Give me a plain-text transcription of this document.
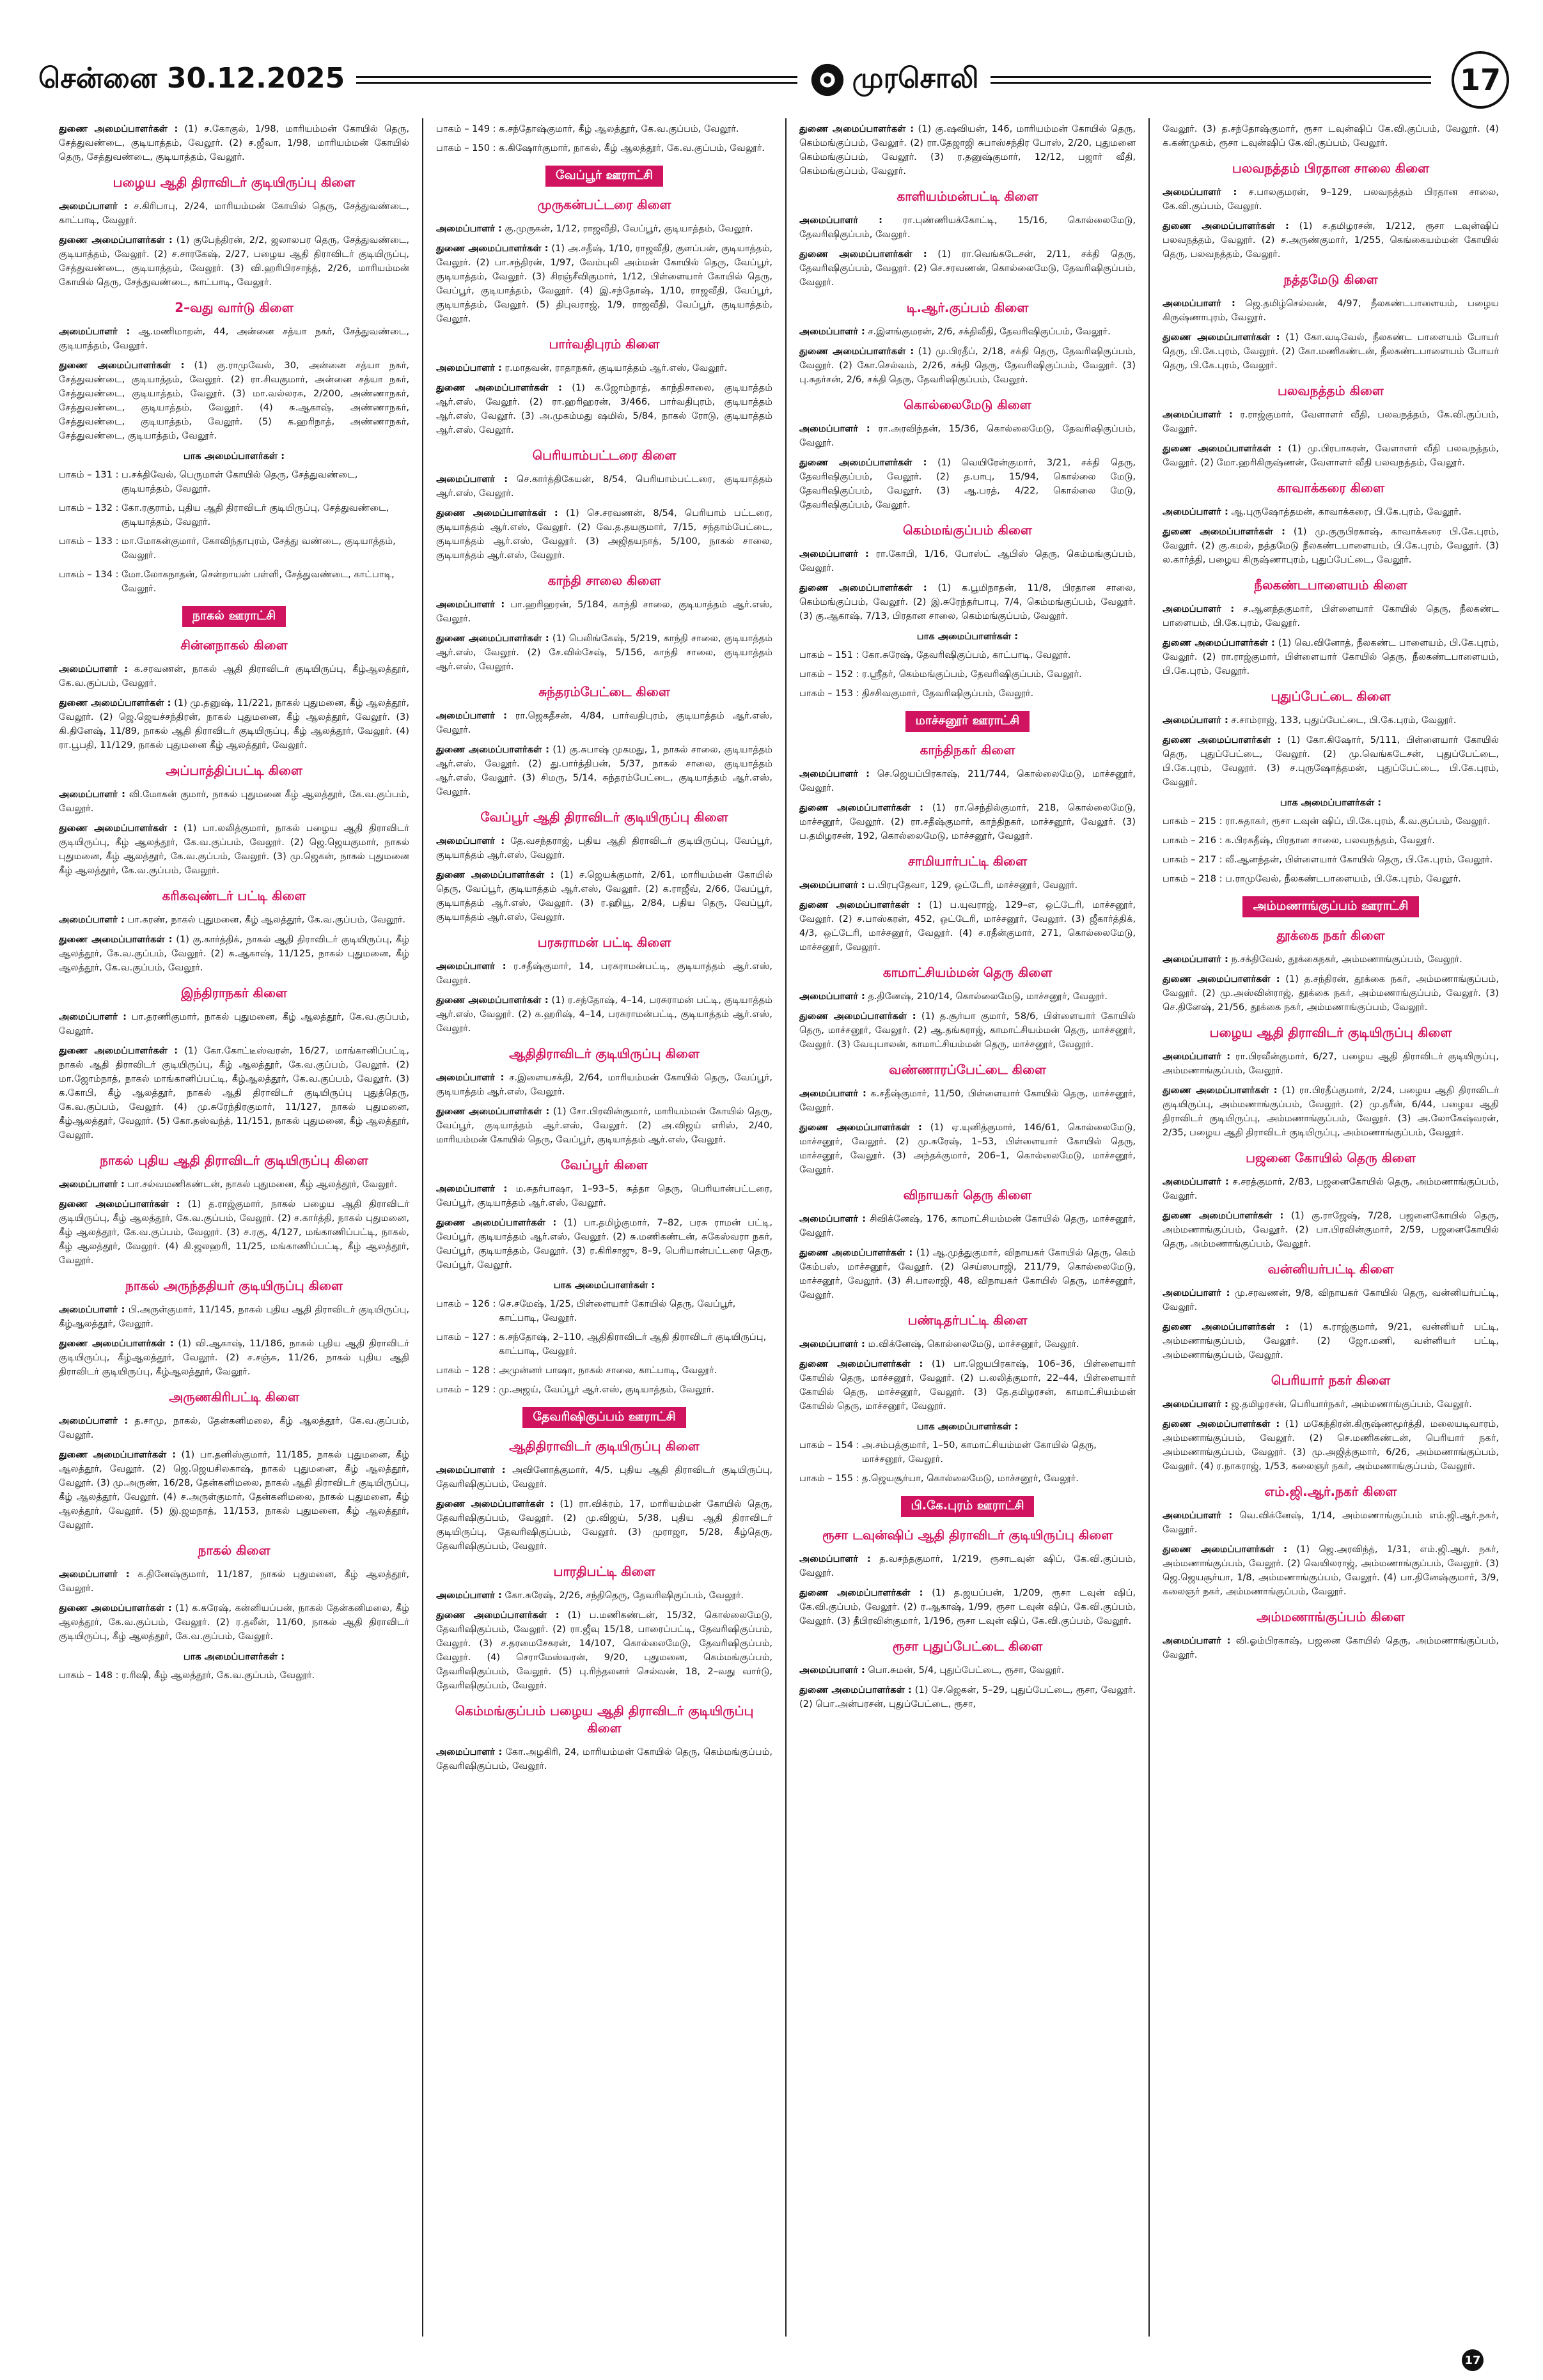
சென்னை 30.12.2025	முரசொலி	17

துணை அமைப்பாளர்கள் : (1) ச.கோகுல், 1/98, மாரியம்மன் கோயில் தெரு, சேத்துவண்டை, குடியாத்தம், வேலூர். (2) ச.ஜீவா, 1/98, மாரியம்மன் கோயில் தெரு, சேத்துவண்டை, குடியாத்தம், வேலூர்.

பழைய ஆதி திராவிடர் குடியிருப்பு கிளை

அமைப்பாளர் : ச.கிரிபாபு, 2/24, மாரியம்மன் கோயில் தெரு, சேத்துவண்டை, காட்பாடி, வேலூர்.

துணை அமைப்பாளர்கள் : (1) குபேந்திரன், 2/2, ஜலாலபர தெரு, சேத்துவண்டை, குடியாத்தம், வேலூர். (2) ச.சாரகேஷ், 2/27, பழைய ஆதி திராவிடர் குடியிருப்பு, சேத்துவண்டை, குடியாத்தம், வேலூர். (3) வி.ஹரிபிரசாந்த், 2/26, மாரியம்மன் கோயில் தெரு, சேத்துவண்டை, காட்பாடி, வேலூர்.

2–வது வார்டு கிளை

அமைப்பாளர் : ஆ.மணிமாறன், 44, அன்னை சத்யா நகர், சேத்துவண்டை, குடியாத்தம், வேலூர்.

துணை அமைப்பாளர்கள் : (1) கு.ராமுவேல், 30, அன்னை சத்யா நகர், சேத்துவண்டை, குடியாத்தம், வேலூர். (2) ரா.சிவகுமார், அன்னை சத்யா நகர், சேத்துவண்டை, குடியாத்தம், வேலூர். (3) மா.வல்லரசு, 2/200, அண்ணாநகர், சேத்துவண்டை, குடியாத்தம், வேலூர். (4) சு.ஆகாஷ், அண்ணாநகர், சேத்துவண்டை, குடியாத்தம், வேலூர். (5) க.ஹரிநாத், அண்ணாநகர், சேத்துவண்டை, குடியாத்தம், வேலூர்.

பாக அமைப்பாளர்கள் :
பாகம் – 131 : ப.சக்திவேல், பெருமாள் கோயில் தெரு, சேத்துவண்டை, குடியாத்தம், வேலூர்.
பாகம் – 132 : கோ.ரகுராம், புதிய ஆதி திராவிடர் குடியிருப்பு, சேத்துவண்டை, குடியாத்தம், வேலூர்.
பாகம் – 133 : மா.மோகன்குமார், கோவிந்தாபுரம், சேத்து வண்டை, குடியாத்தம், வேலூர்.
பாகம் – 134 : மோ.லோகநாதன், சென்றாயன் பள்ளி, சேத்துவண்டை, காட்பாடி, வேலூர்.
நாகல் ஊராட்சி
சின்னநாகல் கிளை

அமைப்பாளர் : க.சரவணன், நாகல் ஆதி திராவிடர் குடியிருப்பு, கீழ்ஆலத்தூர், கே.வ.குப்பம், வேலூர்.

துணை அமைப்பாளர்கள் : (1) மு.தனுஷ், 11/221, நாகல் புதுமனை, கீழ் ஆலத்தூர், வேலூர். (2) ஜெ.ஜெயச்சந்திரன், நாகல் புதுமனை, கீழ் ஆலத்தூர், வேலூர். (3) கி.தினேஷ், 11/89, நாகல் ஆதி திராவிடர் குடியிருப்பு, கீழ் ஆலத்தூர், வேலூர். (4) ரா.பூபதி, 11/129, நாகல் புதுமனை கீழ் ஆலத்தூர், வேலூர்.

அப்பாத்திப்பட்டி கிளை

அமைப்பாளர் : வி.மோகன் குமார், நாகல் புதுமனை கீழ் ஆலத்தூர், கே.வ.குப்பம், வேலூர்.

துணை அமைப்பாளர்கள் : (1) பா.லலித்குமார், நாகல் பழைய ஆதி திராவிடர் குடியிருப்பு, கீழ் ஆலத்தூர், கே.வ.குப்பம், வேலூர். (2) ஜெ.ஜெயகுமார், நாகல் புதுமனை, கீழ் ஆலத்தூர், கே.வ.குப்பம், வேலூர். (3) மு.ஜெகன், நாகல் புதுமனை கீழ் ஆலத்தூர், கே.வ.குப்பம், வேலூர்.

கரிகவுண்டர் பட்டி கிளை

அமைப்பாளர் : பா.கரண், நாகல் புதுமனை, கீழ் ஆலத்தூர், கே.வ.குப்பம், வேலூர்.

துணை அமைப்பாளர்கள் : (1) கு.கார்த்திக், நாகல் ஆதி திராவிடர் குடியிருப்பு, கீழ் ஆலத்தூர், கே.வ.குப்பம், வேலூர். (2) க.ஆகாஷ், 11/125, நாகல் புதுமனை, கீழ் ஆலத்தூர், கே.வ.குப்பம், வேலூர்.

இந்திராநகர் கிளை

அமைப்பாளர் : பா.தரணிகுமார், நாகல் புதுமனை, கீழ் ஆலத்தூர், கே.வ.குப்பம், வேலூர்.

துணை அமைப்பாளர்கள் : (1) கோ.கோட்டீஸ்வரன், 16/27, மாங்கானிப்பட்டி, நாகல் ஆதி திராவிடர் குடியிருப்பு, கீழ் ஆலத்தூர், கே.வ.குப்பம், வேலூர். (2) மா.ஜோம்நாத், நாகல் மாங்கானிப்பட்டி, கீழ்ஆலத்தூர், கே.வ.குப்பம், வேலூர். (3) க.கோபி, கீழ் ஆலத்தூர், நாகல் ஆதி திராவிடர் குடியிருப்பு புதுத்தெரு, கே.வ.குப்பம், வேலூர். (4) மு.சுரேந்திரகுமார், 11/127, நாகல் புதுமனை, கீழ்ஆலத்தூர், வேலூர். (5) கோ.தஸ்வந்த், 11/151, நாகல் புதுமனை, கீழ் ஆலத்தூர், வேலூர்.

நாகல் புதிய ஆதி திராவிடர் குடியிருப்பு கிளை

அமைப்பாளர் : பா.சல்வமணிகண்டன், நாகல் புதுமனை, கீழ் ஆலத்தூர், வேலூர்.

துணை அமைப்பாளர்கள் : (1) த.ராஜ்குமார், நாகல் பழைய ஆதி திராவிடர் குடியிருப்பு, கீழ் ஆலத்தூர், கே.வ.குப்பம், வேலூர். (2) ச.கார்த்தி, நாகல் புதுமனை, கீழ் ஆலத்தூர், கே.வ.குப்பம், வேலூர். (3) ச.ரகு, 4/127, மங்காணிப்பட்டி, நாகல், கீழ் ஆலத்தூர், வேலூர். (4) கி.ஜலஹரி, 11/25, மங்காணிப்பட்டி, கீழ் ஆலத்தூர், வேலூர்.

நாகல் அருந்ததியர் குடியிருப்பு கிளை

அமைப்பாளர் : பி.அருள்குமார், 11/145, நாகல் புதிய ஆதி திராவிடர் குடியிருப்பு, கீழ்ஆலத்தூர், வேலூர்.

துணை அமைப்பாளர்கள் : (1) வி.ஆகாஷ், 11/186, நாகல் புதிய ஆதி திராவிடர் குடியிருப்பு, கீழ்ஆலத்தூர், வேலூர். (2) ச.சஞ்சு, 11/26, நாகல் புதிய ஆதி திராவிடர் குடியிருப்பு, கீழ்ஆலத்தூர், வேலூர்.

அருணகிரிபட்டி கிளை

அமைப்பாளர் : த.சாமு, நாகல், தேன்கனிமலை, கீழ் ஆலத்தூர், கே.வ.குப்பம், வேலூர்.

துணை அமைப்பாளர்கள் : (1) பா.தனிஸ்குமார், 11/185, நாகல் புதுமனை, கீழ் ஆலத்தூர், வேலூர். (2) ஜெ.ஜெயசிலகாஷ், நாகல் புதுமனை, கீழ் ஆலத்தூர், வேலூர். (3) மு.அருண், 16/28, தேன்கனிமலை, நாகல் ஆதி திராவிடர் குடியிருப்பு, கீழ் ஆலத்தூர், வேலூர். (4) ச.அருள்குமார், தேன்கனிமலை, நாகல் புதுமனை, கீழ் ஆலத்தூர், வேலூர். (5) இ.ஜமநாத், 11/153, நாகல் புதுமனை, கீழ் ஆலத்தூர், வேலூர்.

நாகல் கிளை

அமைப்பாளர் : க.தினேஷ்குமார், 11/187, நாகல் புதுமனை, கீழ் ஆலத்தூர், வேலூர்.

துணை அமைப்பாளர்கள் : (1) க.சுரேஷ், கன்னியப்பன், நாகல் தேன்கனிமலை, கீழ் ஆலத்தூர், கே.வ.குப்பம், வேலூர். (2) ர.தலீன், 11/60, நாகல் ஆதி திராவிடர் குடியிருப்பு, கீழ் ஆலத்தூர், கே.வ.குப்பம், வேலூர்.

பாக அமைப்பாளர்கள் :
பாகம் – 148 : ர.ரிஷி, கீழ் ஆலத்தூர், கே.வ.குப்பம், வேலூர்.
பாகம் – 149 : க.சந்தோஷ்குமார், கீழ் ஆலத்தூர், கே.வ.குப்பம், வேலூர்.
பாகம் – 150 : க.கிஷோர்குமார், நாகல், கீழ் ஆலத்தூர், கே.வ.குப்பம், வேலூர்.
வேப்பூர் ஊராட்சி
முருகன்பட்டரை கிளை

அமைப்பாளர் : கு.முருகன், 1/12, ராஜவீதி, வேப்பூர், குடியாத்தம், வேலூர்.

துணை அமைப்பாளர்கள் : (1) அ.சதீஷ், 1/10, ராஜவீதி, குளப்பன், குடியாத்தம், வேலூர். (2) பா.சந்திரன், 1/97, வேம்புலி அம்மன் கோயில் தெரு, வேப்பூர், குடியாத்தம், வேலூர். (3) சிரஞ்சீவிகுமார், 1/12, பிள்ளையார் கோயில் தெரு, வேப்பூர், குடியாத்தம், வேலூர். (4) இ.சந்தோஷ், 1/10, ராஜவீதி, வேப்பூர், குடியாத்தம், வேலூர். (5) திபுவராஜ், 1/9, ராஜவீதி, வேப்பூர், குடியாத்தம், வேலூர்.

பார்வதிபுரம் கிளை

அமைப்பாளர் : ர.மாதவன், ராதாநகர், குடியாத்தம் ஆர்.எஸ், வேலூர்.

துணை அமைப்பாளர்கள் : (1) க.ஜோம்நாத், காந்திசாலை, குடியாத்தம் ஆர்.எஸ், வேலூர். (2) ரா.ஹரிஹரன், 3/466, பார்வதிபுரம், குடியாத்தம் ஆர்.எஸ், வேலூர். (3) அ.முகம்மது ஷமில், 5/84, நாகல் ரோடு, குடியாத்தம் ஆர்.எஸ், வேலூர்.

பெரியாம்பட்டரை கிளை

அமைப்பாளர் : செ.கார்த்திகேயன், 8/54, பெரியாம்பட்டரை, குடியாத்தம் ஆர்.எஸ், வேலூர்.

துணை அமைப்பாளர்கள் : (1) செ.சரவணன், 8/54, பெரியாம் பட்டரை, குடியாத்தம் ஆர்.எஸ், வேலூர். (2) வே.த.தயகுமார், 7/15, சந்தாம்பேட்டை, குடியாத்தம் ஆர்.எஸ், வேலூர். (3) அஜிதயநாத், 5/100, நாகல் சாலை, குடியாத்தம் ஆர்.எஸ், வேலூர்.

காந்தி சாலை கிளை

அமைப்பாளர் : பா.ஹரிஹரன், 5/184, காந்தி சாலை, குடியாத்தம் ஆர்.எஸ், வேலூர்.

துணை அமைப்பாளர்கள் : (1) பெலிங்கேஷ், 5/219, காந்தி சாலை, குடியாத்தம் ஆர்.எஸ், வேலூர். (2) சே.வில்சேஷ், 5/156, காந்தி சாலை, குடியாத்தம் ஆர்.எஸ், வேலூர்.

சுந்தரம்பேட்டை கிளை

அமைப்பாளர் : ரா.ஜெகதீசன், 4/84, பார்வதிபுரம், குடியாத்தம் ஆர்.எஸ், வேலூர்.

துணை அமைப்பாளர்கள் : (1) கு.சுபாஷ் முகமது, 1, நாகல் சாலை, குடியாத்தம் ஆர்.எஸ், வேலூர். (2) து.பார்த்திபன், 5/37, நாகல் சாலை, குடியாத்தம் ஆர்.எஸ், வேலூர். (3) சிமரு, 5/14, சுந்தரம்பேட்டை, குடியாத்தம் ஆர்.எஸ், வேலூர்.

வேப்பூர் ஆதி திராவிடர் குடியிருப்பு கிளை

அமைப்பாளர் : தே.வசந்தராஜ், புதிய ஆதி திராவிடர் குடியிருப்பு, வேப்பூர், குடியாத்தம் ஆர்.எஸ், வேலூர்.

துணை அமைப்பாளர்கள் : (1) ச.ஜெயக்குமார், 2/61, மாரியம்மன் கோயில் தெரு, வேப்பூர், குடியாத்தம் ஆர்.எஸ், வேலூர். (2) க.ராஜீவ், 2/66, வேப்பூர், குடியாத்தம் ஆர்.எஸ், வேலூர். (3) ர.ஹியூ, 2/84, பதிய தெரு, வேப்பூர், குடியாத்தம் ஆர்.எஸ், வேலூர்.

பரசுராமன் பட்டி கிளை

அமைப்பாளர் : ர.சதீஷ்குமார், 14, பரசுராமன்பட்டி, குடியாத்தம் ஆர்.எஸ், வேலூர்.

துணை அமைப்பாளர்கள் : (1) ர.சந்தோஷ், 4–14, பரசுராமன் பட்டி, குடியாத்தம் ஆர்.எஸ், வேலூர். (2) க.ஹரிஷ், 4–14, பரசுராமன்பட்டி, குடியாத்தம் ஆர்.எஸ், வேலூர்.

ஆதிதிராவிடர் குடியிருப்பு கிளை

அமைப்பாளர் : ச.இளையசக்தி, 2/64, மாரியம்மன் கோயில் தெரு, வேப்பூர், குடியாத்தம் ஆர்.எஸ், வேலூர்.

துணை அமைப்பாளர்கள் : (1) சோ.பிரவின்குமார், மாரியம்மன் கோயில் தெரு, வேப்பூர், குடியாத்தம் ஆர்.எஸ், வேலூர். (2) அ.விஜய் எரிஸ், 2/40, மாரியம்மன் கோயில் தெரு, வேப்பூர், குடியாத்தம் ஆர்.எஸ், வேலூர்.

வேப்பூர் கிளை

அமைப்பாளர் : ம.சுதர்பாஷா, 1–93–5, சுத்தா தெரு, பெரியான்பட்டரை, வேப்பூர், குடியாத்தம் ஆர்.எஸ், வேலூர்.

துணை அமைப்பாளர்கள் : (1) பா.தமிழ்குமார், 7–82, பரசு ராமன் பட்டி, வேப்பூர், குடியாத்தம் ஆர்.எஸ், வேலூர். (2) சு.மணிகண்டன், சுகேஸ்வரா நகர், வேப்பூர், குடியாத்தம், வேலூர். (3) ர.கிரிசாஜு, 8–9, பெரியான்பட்டரை தெரு, வேப்பூர், வேலூர்.

பாக அமைப்பாளர்கள் :
பாகம் – 126 : செ.சமேஷ், 1/25, பிள்ளையார் கோயில் தெரு, வேப்பூர், காட்பாடி, வேலூர்.
பாகம் – 127 : க.சந்தோஷ், 2–110, ஆதிதிராவிடர் ஆதி திராவிடர் குடியிருப்பு, காட்பாடி, வேலூர்.
பாகம் – 128 : அமுன்னர் பாஷா, நாகல் சாலை, காட்பாடி, வேலூர்.
பாகம் – 129 : மு.அஜய், வேப்பூர் ஆர்.எஸ், குடியாத்தம், வேலூர்.
தேவரிஷிகுப்பம் ஊராட்சி
ஆதிதிராவிடர் குடியிருப்பு கிளை

அமைப்பாளர் : அவினோத்குமார், 4/5, புதிய ஆதி திராவிடர் குடியிருப்பு, தேவரிஷிகுப்பம், வேலூர்.

துணை அமைப்பாளர்கள் : (1) ரா.விக்ரம், 17, மாரியம்மன் கோயில் தெரு, தேவரிஷிகுப்பம், வேலூர். (2) மு.விஜய், 5/38, புதிய ஆதி திராவிடர் குடியிருப்பு, தேவரிஷிகுப்பம், வேலூர். (3) முராஜா, 5/28, கீழ்தெரு, தேவரிஷிகுப்பம், வேலூர்.

பாரதிபட்டி கிளை

அமைப்பாளர் : கோ.சுரேஷ், 2/26, சந்திதெரு, தேவரிஷிகுப்பம், வேலூர்.

துணை அமைப்பாளர்கள் : (1) ப.மணிகண்டன், 15/32, கொல்லைமேடு, தேவரிஷிகுப்பம், வேலூர். (2) ரா.ஜீவு 15/18, பாரைப்பட்டி, தேவரிஷிகுப்பம், வேலூர். (3) ச.தரமைசேகரன், 14/107, கொல்லைமேடு, தேவரிஷிகுப்பம், வேலூர். (4) செராமேஸ்வரன், 9/20, புதுமனை, கெம்மங்குப்பம், தேவரிஷிகுப்பம், வேலூர். (5) பு.ரிந்தலனர் செல்வன், 18, 2–வது வார்டு, தேவரிஷிகுப்பம், வேலூர்.

கெம்மங்குப்பம் பழைய ஆதி திராவிடர் குடியிருப்பு கிளை

அமைப்பாளர் : கோ.அழகிரி, 24, மாரியம்மன் கோயில் தெரு, கெம்மங்குப்பம், தேவரிஷிகுப்பம், வேலூர்.

துணை அமைப்பாளர்கள் : (1) கு.ஷவியன், 146, மாரியம்மன் கோயில் தெரு, கெம்மங்குப்பம், வேலூர். (2) ரா.தேஜாஜி சுபாஸ்சந்திர போஸ், 2/20, புதுமனை கெம்மங்குப்பம், வேலூர். (3) ர.தனுஷ்குமார், 12/12, பஜார் வீதி, கெம்மங்குப்பம், வேலூர்.

காளியம்மன்பட்டி கிளை

அமைப்பாளர் : ரா.புண்ணியக்கோட்டி, 15/16, கொல்லைமேடு, தேவரிஷிகுப்பம், வேலூர்.

துணை அமைப்பாளர்கள் : (1) ரா.வெங்கடேசன், 2/11, சக்தி தெரு, தேவரிஷிகுப்பம், வேலூர். (2) செ.சரவணன், கொல்லைமேடு, தேவரிஷிகுப்பம், வேலூர்.

டி.ஆர்.குப்பம் கிளை

அமைப்பாளர் : ச.இளங்குமரன், 2/6, சக்திவீதி, தேவரிஷிகுப்பம், வேலூர்.

துணை அமைப்பாளர்கள் : (1) மு.பிரதீப், 2/18, சக்தி தெரு, தேவரிஷிகுப்பம், வேலூர். (2) கோ.செல்வம், 2/26, சக்தி தெரு, தேவரிஷிகுப்பம், வேலூர். (3) பு.சுதர்சன், 2/6, சக்தி தெரு, தேவரிஷிகுப்பம், வேலூர்.

கொல்லைமேடு கிளை

அமைப்பாளர் : ரா.அரவிந்தன், 15/36, கொல்லைமேடு, தேவரிஷிகுப்பம், வேலூர்.

துணை அமைப்பாளர்கள் : (1) வெயிரேன்குமார், 3/21, சக்தி தெரு, தேவரிஷிகுப்பம், வேலூர். (2) த.பாபு, 15/94, கொல்லை மேடு, தேவரிஷிகுப்பம், வேலூர். (3) ஆ.பரத், 4/22, கொல்லை மேடு, தேவரிஷிகுப்பம், வேலூர்.

கெம்மங்குப்பம் கிளை

அமைப்பாளர் : ரா.கோபி, 1/16, போஸ்ட் ஆபிஸ் தெரு, கெம்மங்குப்பம், வேலூர்.

துணை அமைப்பாளர்கள் : (1) க.பூமிநாதன், 11/8, பிரதான சாலை, கெம்மங்குப்பம், வேலூர். (2) இ.சுரேந்தர்பாபு, 7/4, கெம்மங்குப்பம், வேலூர். (3) கு.ஆகாஷ், 7/13, பிரதான சாலை, கெம்மங்குப்பம், வேலூர்.

பாக அமைப்பாளர்கள் :
பாகம் – 151 : கோ.சுரேஷ், தேவரிஷிகுப்பம், காட்பாடி, வேலூர்.
பாகம் – 152 : ர.ஸ்ரீதர், கெம்மங்குப்பம், தேவரிஷிகுப்பம், வேலூர்.
பாகம் – 153 : திசசிவகுமார், தேவரிஷிகுப்பம், வேலூர்.
மாச்சனூர் ஊராட்சி
காந்திநகர் கிளை

அமைப்பாளர் : செ.ஜெயப்பிரகாஷ், 211/744, கொல்லைமேடு, மாச்சனூர், வேலூர்.

துணை அமைப்பாளர்கள் : (1) ரா.செந்தில்குமார், 218, கொல்லைமேடு, மாச்சனூர், வேலூர். (2) ரா.சதீஷ்குமார், காந்திநகர், மாச்சனூர், வேலூர். (3) ப.தமிழரசன், 192, கொல்லைமேடு, மாச்சனூர், வேலூர்.

சாமியார்பட்டி கிளை

அமைப்பாளர் : ப.பிரபுதேவா, 129, ஒட்டேரி, மாச்சனூர், வேலூர்.

துணை அமைப்பாளர்கள் : (1) ப.யுவராஜ், 129–எ, ஒட்டேரி, மாச்சனூர், வேலூர். (2) ச.பாஸ்கரன், 452, ஒட்டேரி, மாச்சனூர், வேலூர். (3) ஜீகார்த்திக், 4/3, ஒட்டேரி, மாச்சனூர், வேலூர். (4) ச.ரதீன்குமார், 271, கொல்லைமேடு, மாச்சனூர், வேலூர்.

காமாட்சியம்மன் தெரு கிளை

அமைப்பாளர் : த.தினேஷ், 210/14, கொல்லைமேடு, மாச்சனூர், வேலூர்.

துணை அமைப்பாளர்கள் : (1) த.சூர்யா குமார், 58/6, பிள்ளையார் கோயில் தெரு, மாச்சனூர், வேலூர். (2) ஆ.தங்கராஜ், காமாட்சியம்மன் தெரு, மாச்சனூர், வேலூர். (3) வேயுபாலன், காமாட்சியம்மன் தெரு, மாச்சனூர், வேலூர்.

வண்ணாரப்பேட்டை கிளை

அமைப்பாளர் : க.சதீஷ்குமார், 11/50, பிள்ளையார் கோயில் தெரு, மாச்சனூர், வேலூர்.

துணை அமைப்பாளர்கள் : (1) ஏ.யுனித்குமார், 146/61, கொல்லைமேடு, மாச்சனூர், வேலூர். (2) மு.சுரேஷ், 1–53, பிள்ளையார் கோயில் தெரு, மாச்சனூர், வேலூர். (3) அந்தக்குமார், 206–1, கொல்லைமேடு, மாச்சனூர், வேலூர்.

விநாயகர் தெரு கிளை

அமைப்பாளர் : சிவிக்னேஷ், 176, காமாட்சியம்மன் கோயில் தெரு, மாச்சனூர், வேலூர்.

துணை அமைப்பாளர்கள் : (1) ஆ.முத்துகுமார், விநாயகர் கோயில் தெரு, கெம் கேம்பஸ், மாச்சனூர், வேலூர். (2) செய்ஸபாஜி, 211/79, கொல்லைமேடு, மாச்சனூர், வேலூர். (3) சி.பாலாஜி, 48, விநாயகர் கோயில் தெரு, மாச்சனூர், வேலூர்.

பண்டிதர்பட்டி கிளை

அமைப்பாளர் : ம.விக்னேஷ், கொல்லைமேடு, மாச்சனூர், வேலூர்.

துணை அமைப்பாளர்கள் : (1) பா.ஜெயபிரகாஷ், 106–36, பிள்ளையார் கோயில் தெரு, மாச்சனூர், வேலூர். (2) ப.லலித்குமார், 22–44, பிள்ளையார் கோயில் தெரு, மாச்சனூர், வேலூர். (3) தே.தமிழரசன், காமாட்சியம்மன் கோயில் தெரு, மாச்சனூர், வேலூர்.

பாக அமைப்பாளர்கள் :
பாகம் – 154 : அ.சம்பத்குமார், 1–50, காமாட்சியம்மன் கோயில் தெரு, மாச்சனூர், வேலூர்.
பாகம் – 155 : த.ஜெயசூர்யா, கொல்லைமேடு, மாச்சனூர், வேலூர்.
பி.கே.புரம் ஊராட்சி
ரூசா டவுன்ஷிப் ஆதி திராவிடர் குடியிருப்பு கிளை

அமைப்பாளர் : த.வசந்தகுமார், 1/219, ரூசாடவுன் ஷிப், கே.வி.குப்பம், வேலூர்.

துணை அமைப்பாளர்கள் : (1) த.ஜயப்பன், 1/209, ரூசா டவுன் ஷிப், கே.வி.குப்பம், வேலூர். (2) ர.ஆகாஷ், 1/99, ரூசா டவுன் ஷிப், கே.வி.குப்பம், வேலூர். (3) தீபிரவின்குமார், 1/196, ரூசா டவுன் ஷிப், கே.வி.குப்பம், வேலூர்.

ரூசா புதுப்பேட்டை கிளை

அமைப்பாளர் : பொ.சுமன், 5/4, புதுப்பேட்டை, ரூசா, வேலூர்.

துணை அமைப்பாளர்கள் : (1) சே.ஜெகன், 5–29, புதுப்பேட்டை, ரூசா, வேலூர். (2) பொ.அன்பரசன், புதுப்பேட்டை, ரூசா,

வேலூர். (3) த.சந்தோஷ்குமார், ரூசா டவுன்ஷிப் கே.வி.குப்பம், வேலூர். (4) க.கண்முகம், ரூசா டவுன்ஷிப் கே.வி.குப்பம், வேலூர்.

பலவநத்தம் பிரதான சாலை கிளை

அமைப்பாளர் : ச.பாலகுமரன், 9–129, பலவநத்தம் பிரதான சாலை, கே.வி.குப்பம், வேலூர்.

துணை அமைப்பாளர்கள் : (1) ச.தமிழரசன், 1/212, ரூசா டவுன்ஷிப் பலவநத்தம், வேலூர். (2) ச.அருண்குமார், 1/255, கெங்கையம்மன் கோயில் தெரு, பலவநத்தம், வேலூர்.

நத்தமேடு கிளை

அமைப்பாளர் : ஜெ.தமிழ்செல்வன், 4/97, நீலகண்டபாளையம், பழைய கிருஷ்ணாபுரம், வேலூர்.

துணை அமைப்பாளர்கள் : (1) கோ.வடிவேல், நீலகண்ட பாளையம் போயர் தெரு, பி.கே.புரம், வேலூர். (2) கோ.மணிகண்டன், நீலகண்டபாளையம் போயர் தெரு, பி.கே.புரம், வேலூர்.

பலவநத்தம் கிளை

அமைப்பாளர் : ர.ராஜ்குமார், வேளாளர் வீதி, பலவநத்தம், கே.வி.குப்பம், வேலூர்.

துணை அமைப்பாளர்கள் : (1) மு.பிரபாகரன், வேளாளர் வீதி பலவநத்தம், வேலூர். (2) மோ.ஹரிகிருஷ்ணன், வேளாளர் வீதி பலவநத்தம், வேலூர்.

காவாக்கரை கிளை

அமைப்பாளர் : ஆ.புருஷோத்தமன், காவாக்கரை, பி.கே.புரம், வேலூர்.

துணை அமைப்பாளர்கள் : (1) மு.குருபிரகாஷ், காவாக்கரை பி.கே.புரம், வேலூர். (2) கு.கமல், நத்தமேடு நீலகண்டபாளையம், பி.கே.புரம், வேலூர். (3) ல.கார்த்தி, பழைய கிருஷ்ணாபுரம், புதுப்பேட்டை, வேலூர்.

நீலகண்டபாளையம் கிளை

அமைப்பாளர் : ச.ஆனந்தகுமார், பிள்ளையார் கோயில் தெரு, நீலகண்ட பாளையம், பி.கே.புரம், வேலூர்.

துணை அமைப்பாளர்கள் : (1) வெ.வினோத், நீலகண்ட பாளையம், பி.கே.புரம், வேலூர். (2) ரா.ராஜ்குமார், பிள்ளையார் கோயில் தெரு, நீலகண்டபாளையம், பி.கே.புரம், வேலூர்.

புதுப்பேட்டை கிளை

அமைப்பாளர் : ச.சாம்ராஜ், 133, புதுப்பேட்டை, பி.கே.புரம், வேலூர்.

துணை அமைப்பாளர்கள் : (1) கோ.கிஷோர், 5/111, பிள்ளையார் கோயில் தெரு, புதுப்பேட்டை, வேலூர். (2) மு.வெங்கடேசன், புதுப்பேட்டை, பி.கே.புரம், வேலூர். (3) ச.புருஷோத்தமன், புதுப்பேட்டை, பி.கே.புரம், வேலூர்.

பாக அமைப்பாளர்கள் :
பாகம் – 215 : ரா.சுதாகர், ரூசா டவுன் ஷிப், பி.கே.புரம், கீ.வ.குப்பம், வேலூர்.
பாகம் – 216 : க.பிரசுதீஷ், பிரதான சாலை, பலவநத்தம், வேலூர்.
பாகம் – 217 : வீ.ஆனந்தன், பிள்ளையார் கோயில் தெரு, பி.கே.புரம், வேலூர்.
பாகம் – 218 : ப.ராமுவேல், நீலகண்டபாளையம், பி.கே.புரம், வேலூர்.
அம்மணாங்குப்பம் ஊராட்சி
தூக்கை நகர் கிளை

அமைப்பாளர் : ந.சக்திவேல், தூக்கைநகர், அம்மணாங்குப்பம், வேலூர்.

துணை அமைப்பாளர்கள் : (1) த.சந்திரன், தூக்கை நகர், அம்மணாங்குப்பம், வேலூர். (2) மு.அஸ்வின்ராஜ், தூக்கை நகர், அம்மணாங்குப்பம், வேலூர். (3) செ.தினேஷ், 21/56, தூக்கை நகர், அம்மணாங்குப்பம், வேலூர்.

பழைய ஆதி திராவிடர் குடியிருப்பு கிளை

அமைப்பாளர் : ரா.பிரவீன்குமார், 6/27, பழைய ஆதி திராவிடர் குடியிருப்பு, அம்மணாங்குப்பம், வேலூர்.

துணை அமைப்பாளர்கள் : (1) ரா.பிரதீப்குமார், 2/24, பழைய ஆதி திராவிடர் குடியிருப்பு, அம்மணாங்குப்பம், வேலூர். (2) மு.தரீன், 6/44, பழைய ஆதி திராவிடர் குடியிருப்பு, அம்மணாங்குப்பம், வேலூர். (3) அ.லோகேஷ்வரன், 2/35, பழைய ஆதி திராவிடர் குடியிருப்பு, அம்மணாங்குப்பம், வேலூர்.

பஜனை கோயில் தெரு கிளை

அமைப்பாளர் : ச.சரத்குமார், 2/83, பஜனைகோயில் தெரு, அம்மணாங்குப்பம், வேலூர்.

துணை அமைப்பாளர்கள் : (1) கு.ராஜேஷ், 7/28, பஜனைகோயில் தெரு, அம்மணாங்குப்பம், வேலூர். (2) பா.பிரவின்குமார், 2/59, பஜனைகோயில் தெரு, அம்மணாங்குப்பம், வேலூர்.

வன்னியர்பட்டி கிளை

அமைப்பாளர் : மு.சரவணன், 9/8, விநாயகர் கோயில் தெரு, வன்னியர்பட்டி, வேலூர்.

துணை அமைப்பாளர்கள் : (1) க.ராஜ்குமார், 9/21, வன்னியர் பட்டி, அம்மணாங்குப்பம், வேலூர். (2) ஜோ.மணி, வன்னியர் பட்டி, அம்மணாங்குப்பம், வேலூர்.

பெரியார் நகர் கிளை

அமைப்பாளர் : ஜ.தமிழரசன், பெரியார்நகர், அம்மணாங்குப்பம், வேலூர்.

துணை அமைப்பாளர்கள் : (1) மகேந்திரன்.கிருஷ்ணமூர்த்தி, மலையடிவாரம், அம்மணாங்குப்பம், வேலூர். (2) செ.மணிகண்டன், பெரியார் நகர், அம்மணாங்குப்பம், வேலூர். (3) மு.அஜித்குமார், 6/26, அம்மணாங்குப்பம், வேலூர். (4) ர.நாகராஜ், 1/53, கலைஞர் நகர், அம்மணாங்குப்பம், வேலூர்.

எம்.ஜி.ஆர்.நகர் கிளை

அமைப்பாளர் : வெ.விக்னேஷ், 1/14, அம்மணாங்குப்பம் எம்.ஜி.ஆர்.நகர், வேலூர்.

துணை அமைப்பாளர்கள் : (1) ஜெ.அரவிந்த், 1/31, எம்.ஜி.ஆர். நகர், அம்மணாங்குப்பம், வேலூர். (2) வெயிலராஜ், அம்மணாங்குப்பம், வேலூர். (3) ஜெ.ஜெயசூர்யா, 1/8, அம்மணாங்குப்பம், வேலூர். (4) பா.தினேஷ்குமார், 3/9, கலைஞர் நகர், அம்மணாங்குப்பம், வேலூர்.

அம்மணாங்குப்பம் கிளை

அமைப்பாளர் : வி.ஓம்பிரகாஷ், பஜனை கோயில் தெரு, அம்மணாங்குப்பம், வேலூர்.

17
